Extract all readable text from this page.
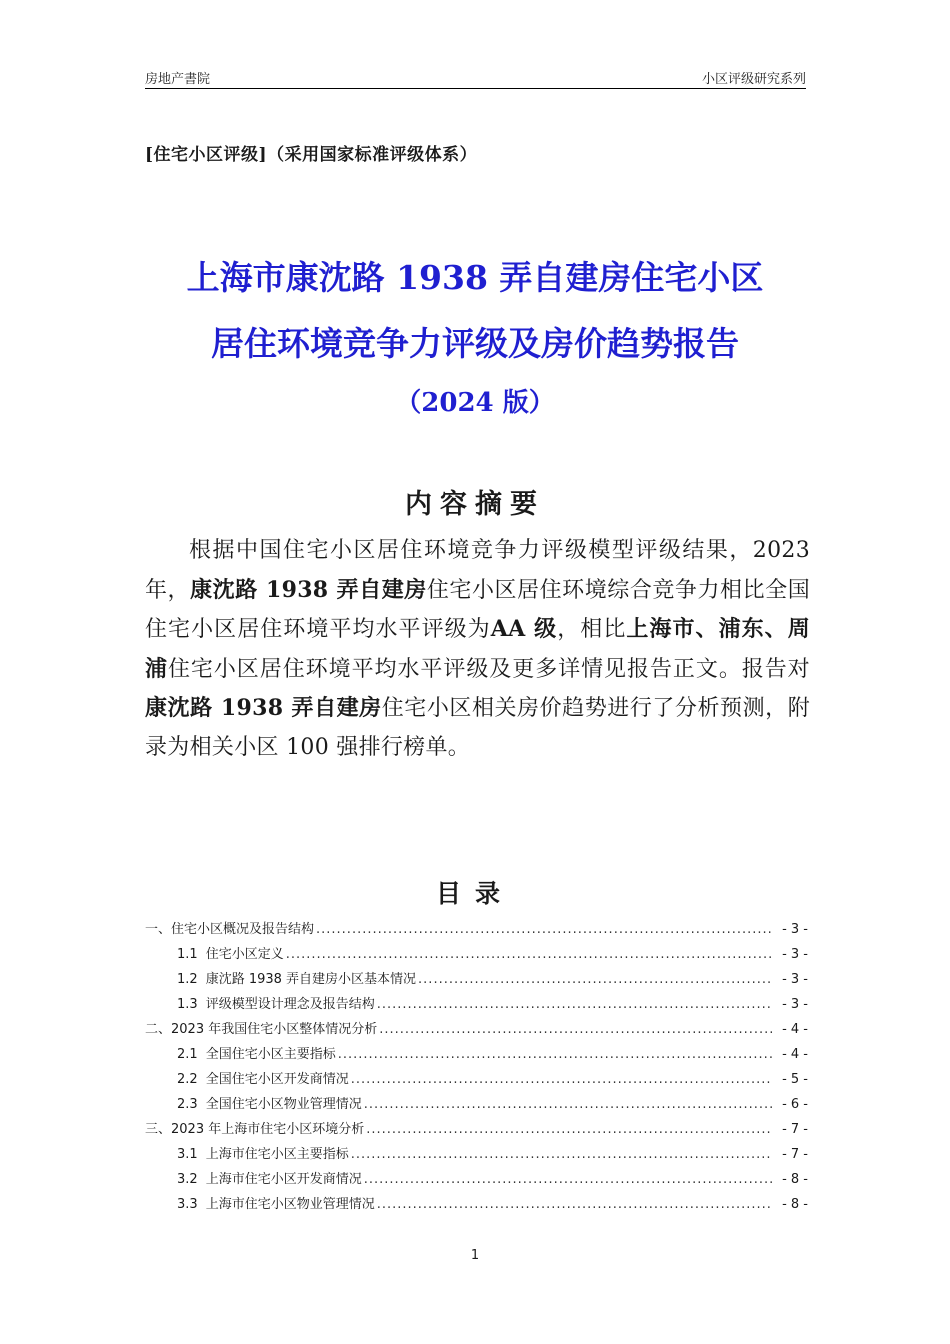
房地产書院	小区评级研究系列
[住宅小区评级]（采用国家标准评级体系）
上海市康沈路 1938 弄自建房住宅小区
居住环境竞争力评级及房价趋势报告
（2024 版）
内容摘要
根据中国住宅小区居住环境竞争力评级模型评级结果，2023 年，康沈路 1938 弄自建房住宅小区居住环境综合竞争力相比全国住宅小区居住环境平均水平评级为AA 级，相比上海市、浦东、周浦住宅小区居住环境平均水平评级及更多详情见报告正文。报告对康沈路 1938 弄自建房住宅小区相关房价趋势进行了分析预测，附录为相关小区 100 强排行榜单。
目录
一、住宅小区概况及报告结构 .....	- 3 -
1.1 住宅小区定义 .....	- 3 -
1.2 康沈路 1938 弄自建房小区基本情况 .....	- 3 -
1.3 评级模型设计理念及报告结构 .....	- 3 -
二、2023 年我国住宅小区整体情况分析 .....	- 4 -
2.1 全国住宅小区主要指标 .....	- 4 -
2.2 全国住宅小区开发商情况 .....	- 5 -
2.3 全国住宅小区物业管理情况 .....	- 6 -
三、2023 年上海市住宅小区环境分析 .....	- 7 -
3.1 上海市住宅小区主要指标 .....	- 7 -
3.2 上海市住宅小区开发商情况 .....	- 8 -
3.3 上海市住宅小区物业管理情况 .....	- 8 -
1
